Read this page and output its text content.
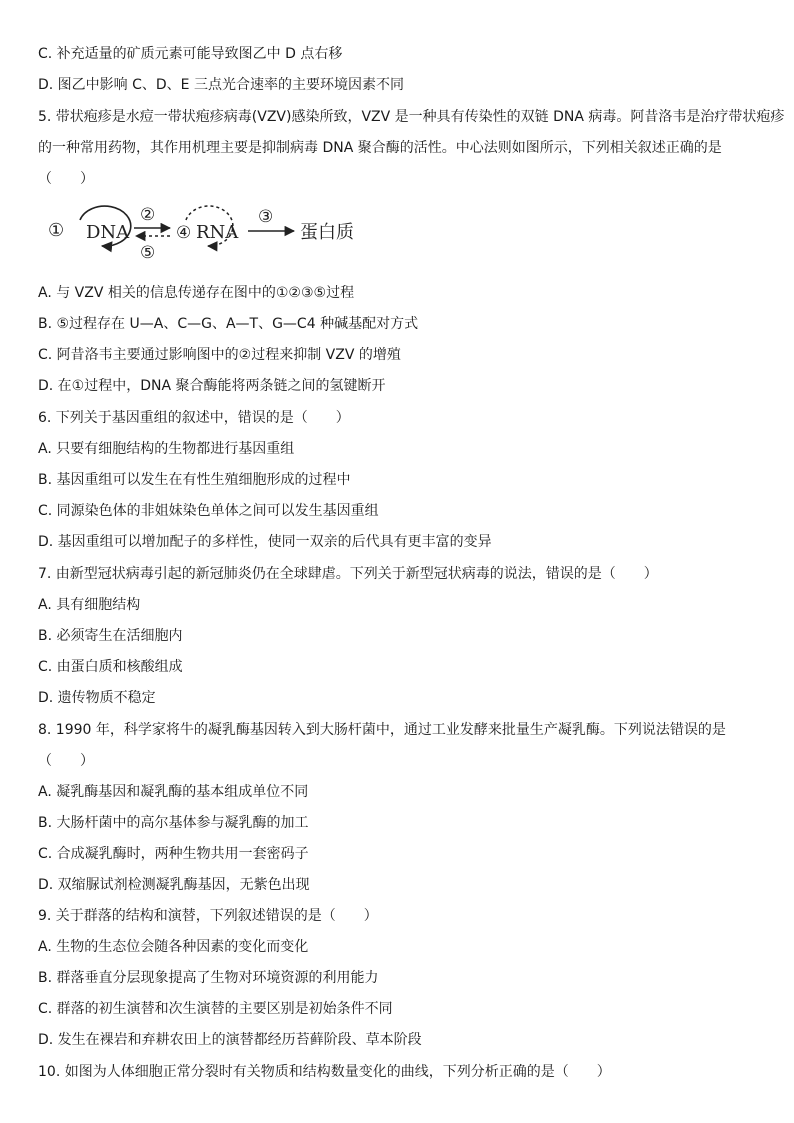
C. 补充适量的矿质元素可能导致图乙中 D 点右移
D. 图乙中影响 C、D、E 三点光合速率的主要环境因素不同
5. 带状疱疹是水痘一带状疱疹病毒(VZV)感染所致，VZV 是一种具有传染性的双链 DNA 病毒。阿昔洛韦是治疗带状疱疹
的一种常用药物，其作用机理主要是抑制病毒 DNA 聚合酶的活性。中心法则如图所示，下列相关叙述正确的是
（　　）
① DNA
②
⑤
④ RNA
③
蛋白质
A. 与 VZV 相关的信息传递存在图中的①②③⑤过程
B. ⑤过程存在 U—A、C—G、A—T、G—C4 种碱基配对方式
C. 阿昔洛韦主要通过影响图中的②过程来抑制 VZV 的增殖
D. 在①过程中，DNA 聚合酶能将两条链之间的氢键断开
6. 下列关于基因重组的叙述中，错误的是（　　）
A. 只要有细胞结构的生物都进行基因重组
B. 基因重组可以发生在有性生殖细胞形成的过程中
C. 同源染色体的非姐妹染色单体之间可以发生基因重组
D. 基因重组可以增加配子的多样性，使同一双亲的后代具有更丰富的变异
7. 由新型冠状病毒引起的新冠肺炎仍在全球肆虐。下列关于新型冠状病毒的说法，错误的是（　　）
A. 具有细胞结构
B. 必须寄生在活细胞内
C. 由蛋白质和核酸组成
D. 遗传物质不稳定
8. 1990 年，科学家将牛的凝乳酶基因转入到大肠杆菌中，通过工业发酵来批量生产凝乳酶。下列说法错误的是
（　　）
A. 凝乳酶基因和凝乳酶的基本组成单位不同
B. 大肠杆菌中的高尔基体参与凝乳酶的加工
C. 合成凝乳酶时，两种生物共用一套密码子
D. 双缩脲试剂检测凝乳酶基因，无紫色出现
9. 关于群落的结构和演替，下列叙述错误的是（　　）
A. 生物的生态位会随各种因素的变化而变化
B. 群落垂直分层现象提高了生物对环境资源的利用能力
C. 群落的初生演替和次生演替的主要区别是初始条件不同
D. 发生在裸岩和弃耕农田上的演替都经历苔藓阶段、草本阶段
10. 如图为人体细胞正常分裂时有关物质和结构数量变化的曲线，下列分析正确的是（　　）
